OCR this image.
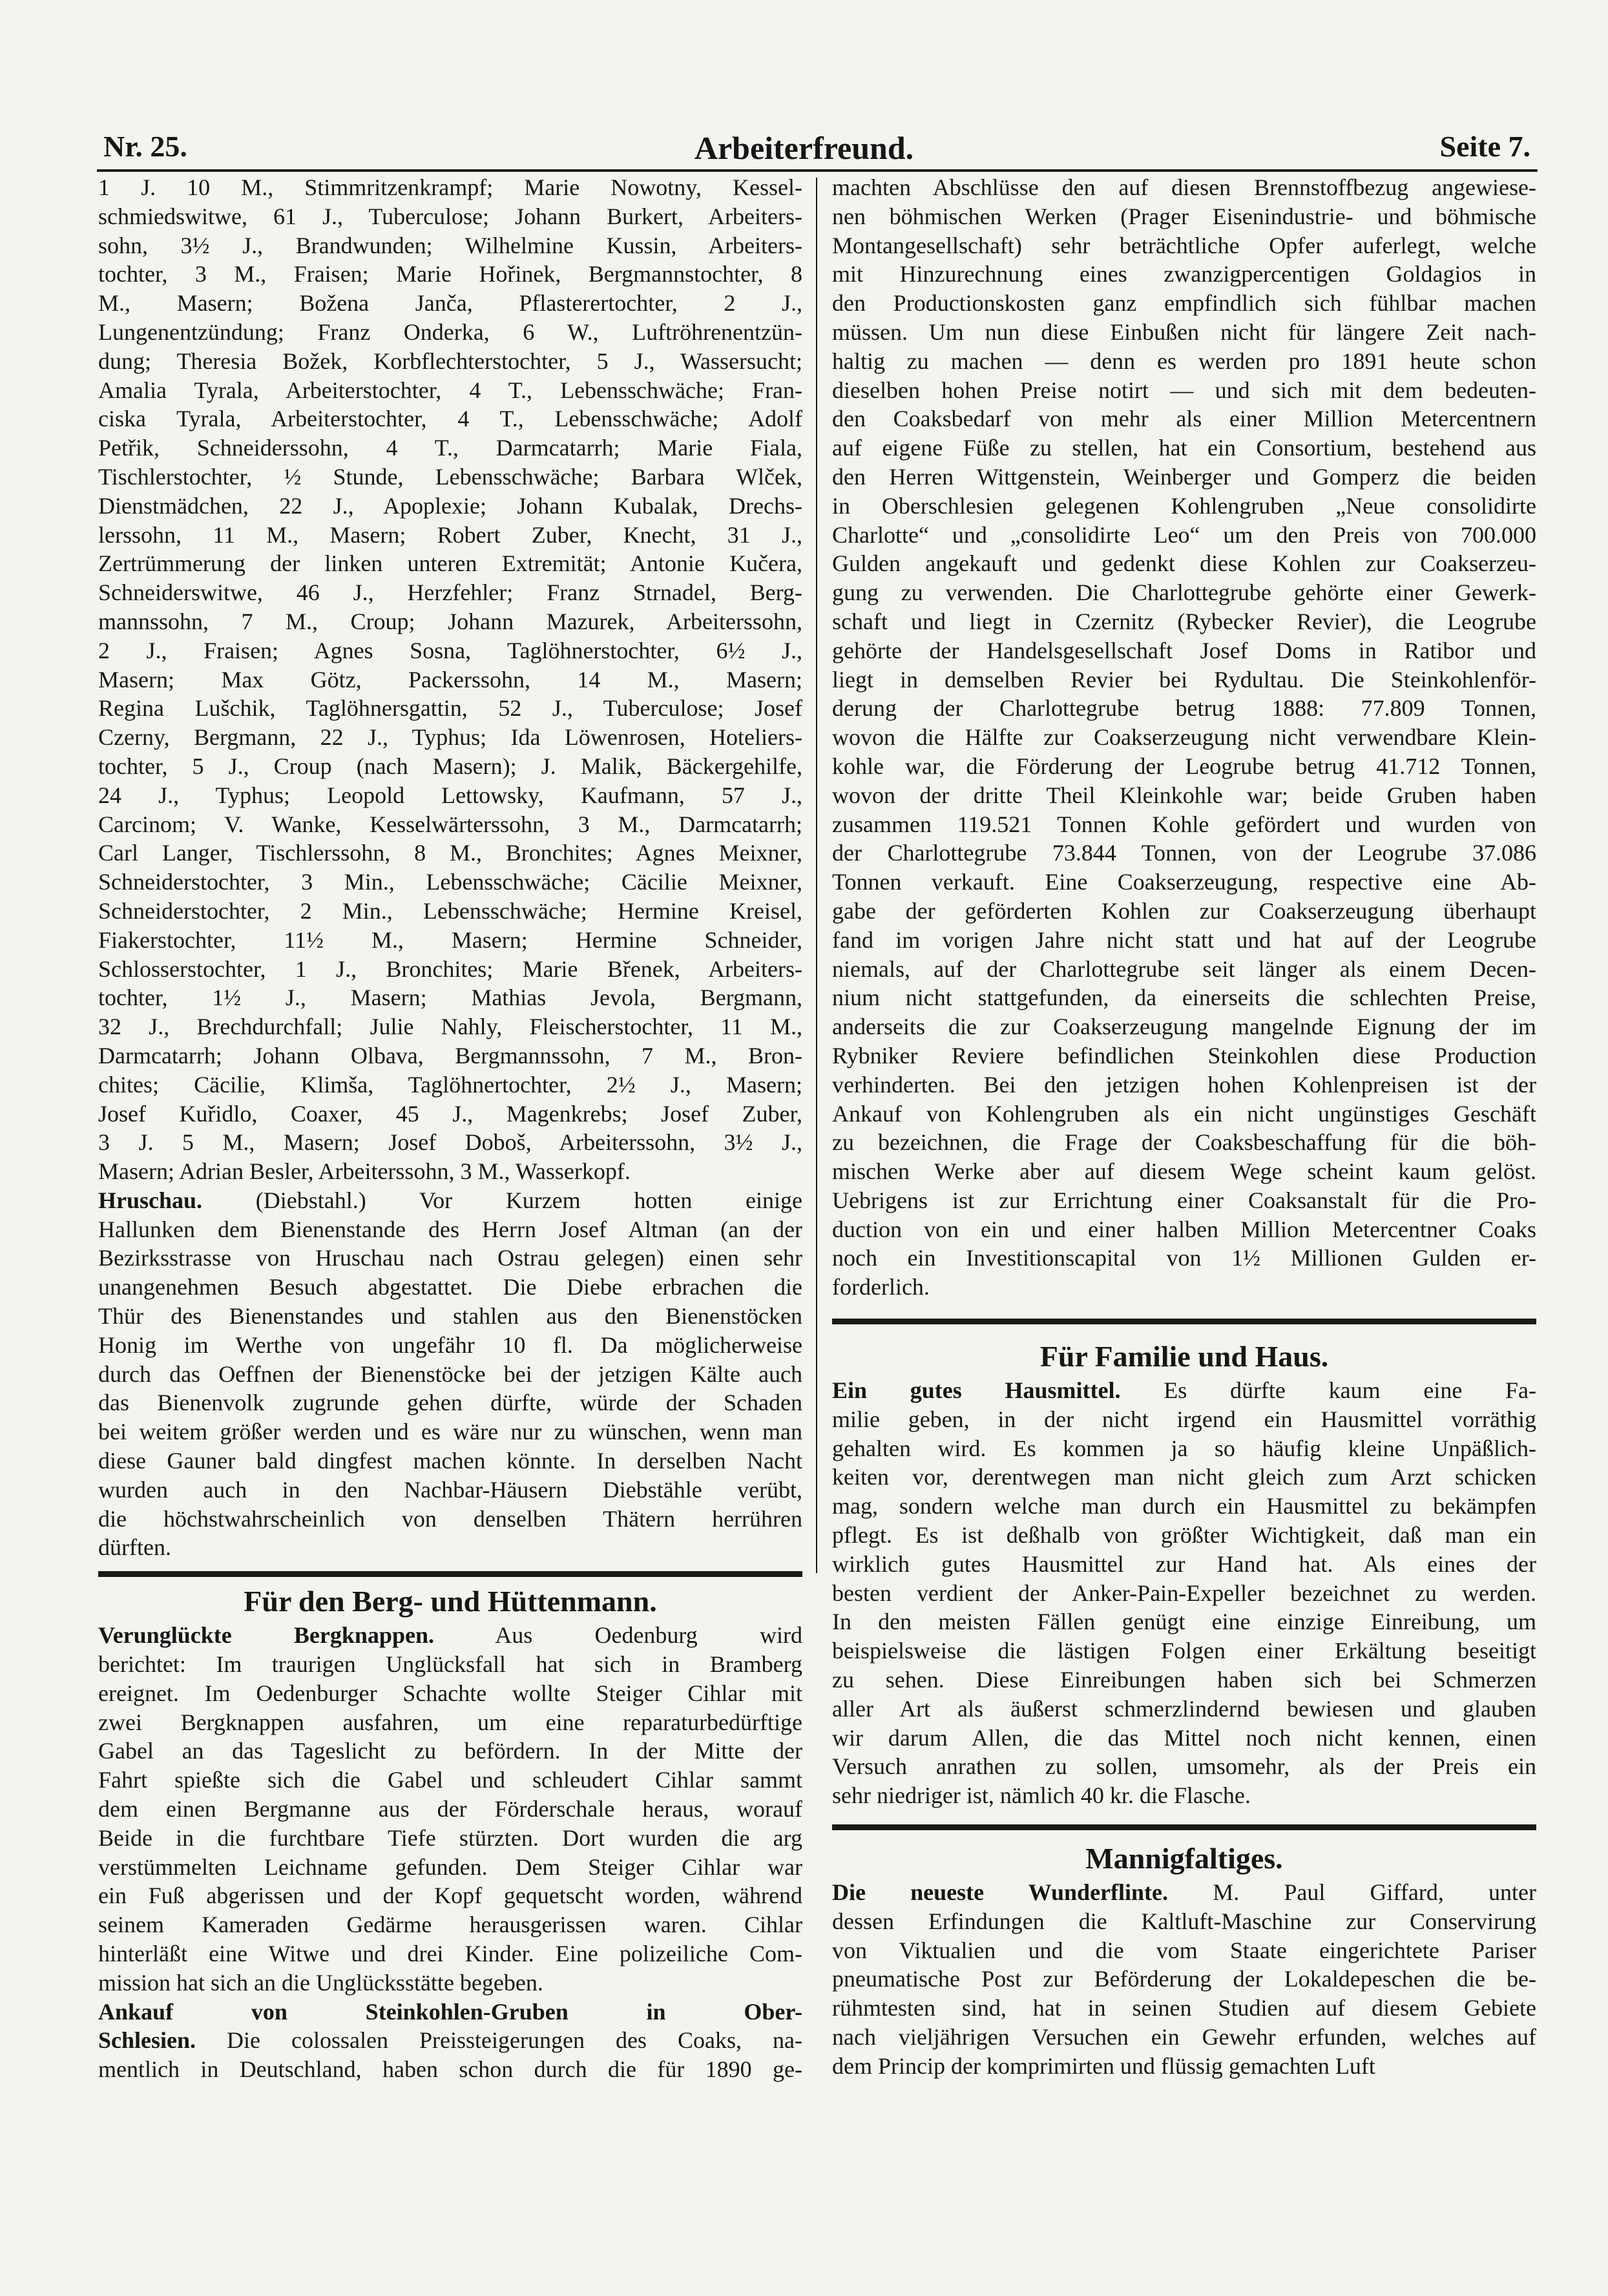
Nr. 25.	Arbeiterfreund.	Seite 7.
1 J. 10 M., Stimmritzenkrampf; Marie Nowotny, Kessel-
schmiedswitwe, 61 J., Tuberculose; Johann Burkert, Arbeiters-
sohn, 3½ J., Brandwunden; Wilhelmine Kussin, Arbeiters-
tochter, 3 M., Fraisen; Marie Hořinek, Bergmannstochter, 8
M., Masern; Božena Janča, Pflasterertochter, 2 J.,
Lungenentzündung; Franz Onderka, 6 W., Luftröhrenentzün-
dung; Theresia Božek, Korbflechterstochter, 5 J., Wassersucht;
Amalia Tyrala, Arbeiterstochter, 4 T., Lebensschwäche; Fran-
ciska Tyrala, Arbeiterstochter, 4 T., Lebensschwäche; Adolf
Petřik, Schneiderssohn, 4 T., Darmcatarrh; Marie Fiala,
Tischlerstochter, ½ Stunde, Lebensschwäche; Barbara Wlček,
Dienstmädchen, 22 J., Apoplexie; Johann Kubalak, Drechs-
lerssohn, 11 M., Masern; Robert Zuber, Knecht, 31 J.,
Zertrümmerung der linken unteren Extremität; Antonie Kučera,
Schneiderswitwe, 46 J., Herzfehler; Franz Strnadel, Berg-
mannssohn, 7 M., Croup; Johann Mazurek, Arbeiterssohn,
2 J., Fraisen; Agnes Sosna, Taglöhnerstochter, 6½ J.,
Masern; Max Götz, Packerssohn, 14 M., Masern;
Regina Lušchik, Taglöhnersgattin, 52 J., Tuberculose; Josef
Czerny, Bergmann, 22 J., Typhus; Ida Löwenrosen, Hoteliers-
tochter, 5 J., Croup (nach Masern); J. Malik, Bäckergehilfe,
24 J., Typhus; Leopold Lettowsky, Kaufmann, 57 J.,
Carcinom; V. Wanke, Kesselwärterssohn, 3 M., Darmcatarrh;
Carl Langer, Tischlerssohn, 8 M., Bronchites; Agnes Meixner,
Schneiderstochter, 3 Min., Lebensschwäche; Cäcilie Meixner,
Schneiderstochter, 2 Min., Lebensschwäche; Hermine Kreisel,
Fiakerstochter, 11½ M., Masern; Hermine Schneider,
Schlosserstochter, 1 J., Bronchites; Marie Břenek, Arbeiters-
tochter, 1½ J., Masern; Mathias Jevola, Bergmann,
32 J., Brechdurchfall; Julie Nahly, Fleischerstochter, 11 M.,
Darmcatarrh; Johann Olbava, Bergmannssohn, 7 M., Bron-
chites; Cäcilie, Klimša, Taglöhnertochter, 2½ J., Masern;
Josef Kuřidlo, Coaxer, 45 J., Magenkrebs; Josef Zuber,
3 J. 5 M., Masern; Josef Doboš, Arbeiterssohn, 3½ J.,
Masern; Adrian Besler, Arbeiterssohn, 3 M., Wasserkopf.
Hruschau. (Diebstahl.) Vor Kurzem hotten einige
Hallunken dem Bienenstande des Herrn Josef Altman (an der
Bezirksstrasse von Hruschau nach Ostrau gelegen) einen sehr
unangenehmen Besuch abgestattet. Die Diebe erbrachen die
Thür des Bienenstandes und stahlen aus den Bienenstöcken
Honig im Werthe von ungefähr 10 fl. Da möglicherweise
durch das Oeffnen der Bienenstöcke bei der jetzigen Kälte auch
das Bienenvolk zugrunde gehen dürfte, würde der Schaden
bei weitem größer werden und es wäre nur zu wünschen, wenn man
diese Gauner bald dingfest machen könnte. In derselben Nacht
wurden auch in den Nachbar-Häusern Diebstähle verübt,
die höchstwahrscheinlich von denselben Thätern herrühren
dürften.
Für den Berg- und Hüttenmann.
Verunglückte Bergknappen. Aus Oedenburg wird
berichtet: Im traurigen Unglücksfall hat sich in Bramberg
ereignet. Im Oedenburger Schachte wollte Steiger Cihlar mit
zwei Bergknappen ausfahren, um eine reparaturbedürftige
Gabel an das Tageslicht zu befördern. In der Mitte der
Fahrt spießte sich die Gabel und schleudert Cihlar sammt
dem einen Bergmanne aus der Förderschale heraus, worauf
Beide in die furchtbare Tiefe stürzten. Dort wurden die arg
verstümmelten Leichname gefunden. Dem Steiger Cihlar war
ein Fuß abgerissen und der Kopf gequetscht worden, während
seinem Kameraden Gedärme herausgerissen waren. Cihlar
hinterläßt eine Witwe und drei Kinder. Eine polizeiliche Com-
mission hat sich an die Unglücksstätte begeben.
Ankauf von Steinkohlen-Gruben in Ober-
Schlesien. Die colossalen Preissteigerungen des Coaks, na-
mentlich in Deutschland, haben schon durch die für 1890 ge-
machten Abschlüsse den auf diesen Brennstoffbezug angewiese-
nen böhmischen Werken (Prager Eisenindustrie- und böhmische
Montangesellschaft) sehr beträchtliche Opfer auferlegt, welche
mit Hinzurechnung eines zwanzigpercentigen Goldagios in
den Productionskosten ganz empfindlich sich fühlbar machen
müssen. Um nun diese Einbußen nicht für längere Zeit nach-
haltig zu machen — denn es werden pro 1891 heute schon
dieselben hohen Preise notirt — und sich mit dem bedeuten-
den Coaksbedarf von mehr als einer Million Metercentnern
auf eigene Füße zu stellen, hat ein Consortium, bestehend aus
den Herren Wittgenstein, Weinberger und Gomperz die beiden
in Oberschlesien gelegenen Kohlengruben „Neue consolidirte
Charlotte“ und „consolidirte Leo“ um den Preis von 700.000
Gulden angekauft und gedenkt diese Kohlen zur Coakserzeu-
gung zu verwenden. Die Charlottegrube gehörte einer Gewerk-
schaft und liegt in Czernitz (Rybecker Revier), die Leogrube
gehörte der Handelsgesellschaft Josef Doms in Ratibor und
liegt in demselben Revier bei Rydultau. Die Steinkohlenför-
derung der Charlottegrube betrug 1888: 77.809 Tonnen,
wovon die Hälfte zur Coakserzeugung nicht verwendbare Klein-
kohle war, die Förderung der Leogrube betrug 41.712 Tonnen,
wovon der dritte Theil Kleinkohle war; beide Gruben haben
zusammen 119.521 Tonnen Kohle gefördert und wurden von
der Charlottegrube 73.844 Tonnen, von der Leogrube 37.086
Tonnen verkauft. Eine Coakserzeugung, respective eine Ab-
gabe der geförderten Kohlen zur Coakserzeugung überhaupt
fand im vorigen Jahre nicht statt und hat auf der Leogrube
niemals, auf der Charlottegrube seit länger als einem Decen-
nium nicht stattgefunden, da einerseits die schlechten Preise,
anderseits die zur Coakserzeugung mangelnde Eignung der im
Rybniker Reviere befindlichen Steinkohlen diese Production
verhinderten. Bei den jetzigen hohen Kohlenpreisen ist der
Ankauf von Kohlengruben als ein nicht ungünstiges Geschäft
zu bezeichnen, die Frage der Coaksbeschaffung für die böh-
mischen Werke aber auf diesem Wege scheint kaum gelöst.
Uebrigens ist zur Errichtung einer Coaksanstalt für die Pro-
duction von ein und einer halben Million Metercentner Coaks
noch ein Investitionscapital von 1½ Millionen Gulden er-
forderlich.
Für Familie und Haus.
Ein gutes Hausmittel. Es dürfte kaum eine Fa-
milie geben, in der nicht irgend ein Hausmittel vorräthig
gehalten wird. Es kommen ja so häufig kleine Unpäßlich-
keiten vor, derentwegen man nicht gleich zum Arzt schicken
mag, sondern welche man durch ein Hausmittel zu bekämpfen
pflegt. Es ist deßhalb von größter Wichtigkeit, daß man ein
wirklich gutes Hausmittel zur Hand hat. Als eines der
besten verdient der Anker-Pain-Expeller bezeichnet zu werden.
In den meisten Fällen genügt eine einzige Einreibung, um
beispielsweise die lästigen Folgen einer Erkältung beseitigt
zu sehen. Diese Einreibungen haben sich bei Schmerzen
aller Art als äußerst schmerzlindernd bewiesen und glauben
wir darum Allen, die das Mittel noch nicht kennen, einen
Versuch anrathen zu sollen, umsomehr, als der Preis ein
sehr niedriger ist, nämlich 40 kr. die Flasche.
Mannigfaltiges.
Die neueste Wunderflinte. M. Paul Giffard, unter
dessen Erfindungen die Kaltluft-Maschine zur Conservirung
von Viktualien und die vom Staate eingerichtete Pariser
pneumatische Post zur Beförderung der Lokaldepeschen die be-
rühmtesten sind, hat in seinen Studien auf diesem Gebiete
nach vieljährigen Versuchen ein Gewehr erfunden, welches auf
dem Princip der komprimirten und flüssig gemachten Luft
